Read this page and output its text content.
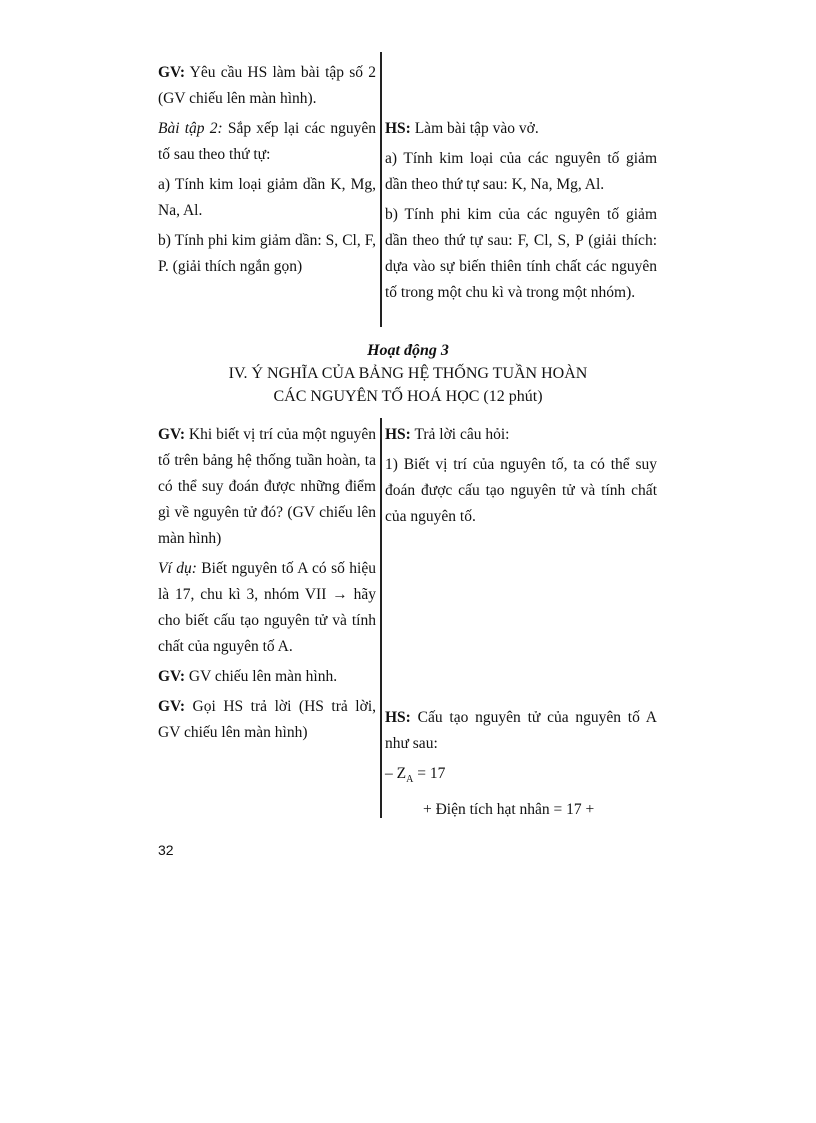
GV: Yêu cầu HS làm bài tập số 2 (GV chiếu lên màn hình).

Bài tập 2: Sắp xếp lại các nguyên tố sau theo thứ tự:

a) Tính kim loại giảm dần K, Mg, Na, Al.

b) Tính phi kim giảm dần: S, Cl, F, P. (giải thích ngắn gọn)

HS: Làm bài tập vào vở.

a) Tính kim loại của các nguyên tố giảm dần theo thứ tự sau: K, Na, Mg, Al.

b) Tính phi kim của các nguyên tố giảm dần theo thứ tự sau: F, Cl, S, P (giải thích: dựa vào sự biến thiên tính chất các nguyên tố trong một chu kì và trong một nhóm).

Hoạt động 3
IV. Ý NGHĨA CỦA BẢNG HỆ THỐNG TUẦN HOÀN
CÁC NGUYÊN TỐ HOÁ HỌC (12 phút)

GV: Khi biết vị trí của một nguyên tố trên bảng hệ thống tuần hoàn, ta có thể suy đoán được những điểm gì về nguyên tử đó? (GV chiếu lên màn hình)

Ví dụ: Biết nguyên tố A có số hiệu là 17, chu kì 3, nhóm VII → hãy cho biết cấu tạo nguyên tử và tính chất của nguyên tố A.

GV: GV chiếu lên màn hình.

GV: Gọi HS trả lời (HS trả lời, GV chiếu lên màn hình)

HS: Trả lời câu hỏi:

1) Biết vị trí của nguyên tố, ta có thể suy đoán được cấu tạo nguyên tử và tính chất của nguyên tố.

HS: Cấu tạo nguyên tử của nguyên tố A như sau:

– $Z_A = 17$

+ Điện tích hạt nhân = 17 +

32
